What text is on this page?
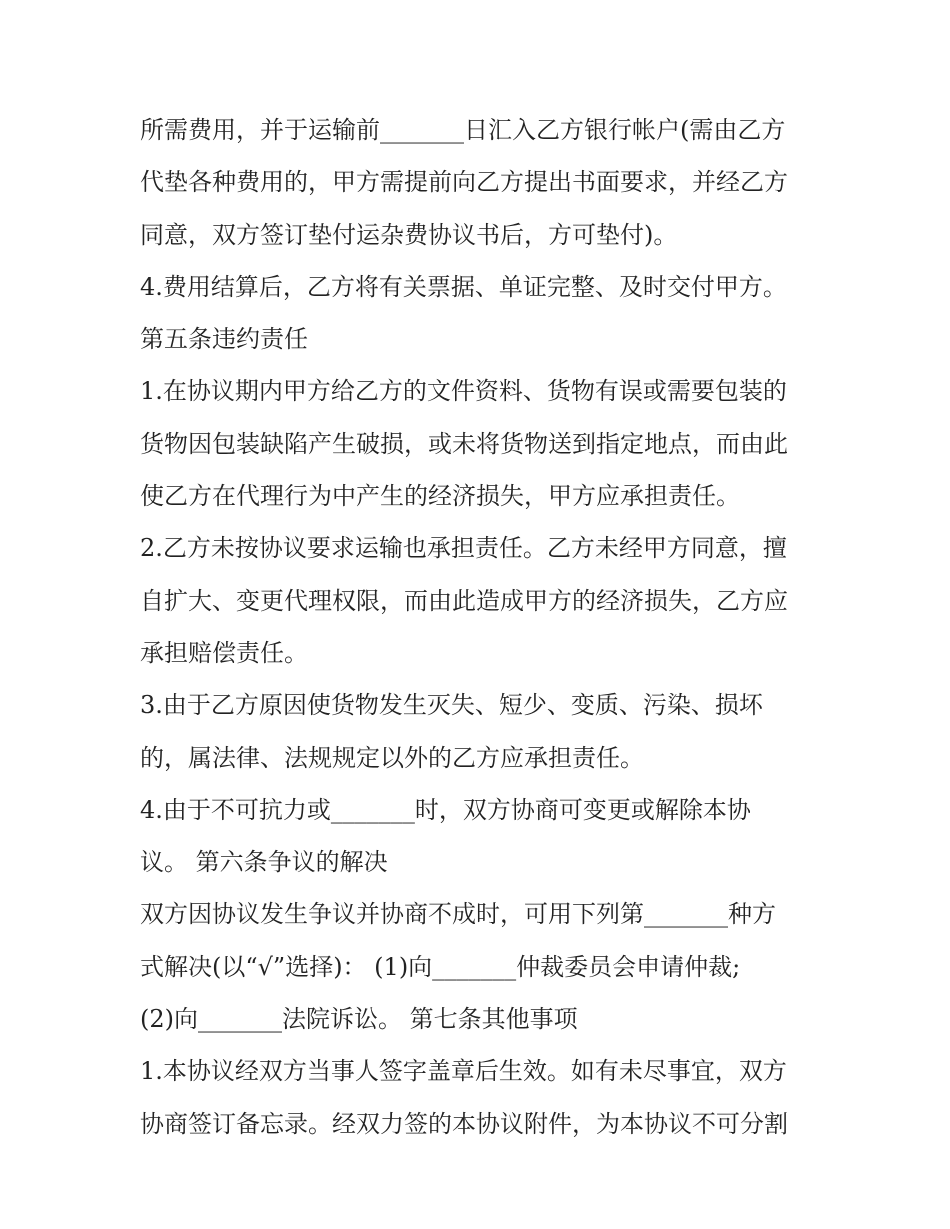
所需费用，并于运输前_______日汇入乙方银行帐户(需由乙方
代垫各种费用的，甲方需提前向乙方提出书面要求，并经乙方
同意，双方签订垫付运杂费协议书后，方可垫付)。
4.费用结算后，乙方将有关票据、单证完整、及时交付甲方。
第五条违约责任
1.在协议期内甲方给乙方的文件资料、货物有误或需要包装的
货物因包装缺陷产生破损，或未将货物送到指定地点，而由此
使乙方在代理行为中产生的经济损失，甲方应承担责任。
2.乙方未按协议要求运输也承担责任。乙方未经甲方同意，擅
自扩大、变更代理权限，而由此造成甲方的经济损失，乙方应
承担赔偿责任。
3.由于乙方原因使货物发生灭失、短少、变质、污染、损坏
的，属法律、法规规定以外的乙方应承担责任。
4.由于不可抗力或_______时，双方协商可变更或解除本协
议。 第六条争议的解决
双方因协议发生争议并协商不成时，可用下列第_______种方
式解决(以“√”选择)： (1)向_______仲裁委员会申请仲裁;
(2)向_______法院诉讼。 第七条其他事项
1.本协议经双方当事人签字盖章后生效。如有未尽事宜，双方
协商签订备忘录。经双力签的本协议附件，为本协议不可分割
